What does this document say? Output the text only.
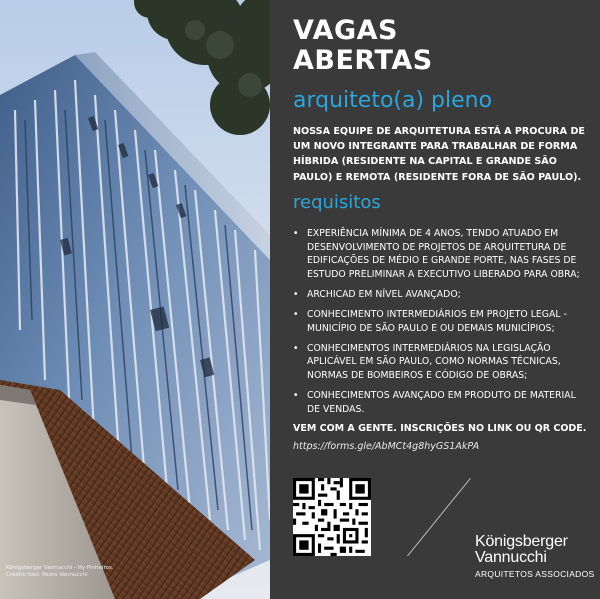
Königsberger Vannucchi - Hy Pinheiros.
Crédito foto: Pedro Vannucchi
VAGAS
ABERTAS
arquiteto(a) pleno
NOSSA EQUIPE DE ARQUITETURA ESTÁ A PROCURA DE UM NOVO INTEGRANTE PARA TRABALHAR DE FORMA HÍBRIDA (RESIDENTE NA CAPITAL E GRANDE SÃO PAULO) E REMOTA (RESIDENTE FORA DE SÃO PAULO).
requisitos
• EXPERIÊNCIA MÍNIMA DE 4 ANOS, TENDO ATUADO EM DESENVOLVIMENTO DE PROJETOS DE ARQUITETURA DE EDIFICAÇÕES DE MÉDIO E GRANDE PORTE, NAS FASES DE ESTUDO PRELIMINAR A EXECUTIVO LIBERADO PARA OBRA;
• ARCHICAD EM NÍVEL AVANÇADO;
• CONHECIMENTO INTERMEDIÁRIOS EM PROJETO LEGAL - MUNICÍPIO DE SÃO PAULO E OU DEMAIS MUNICÍPIOS;
• CONHECIMENTOS INTERMEDIÁRIOS NA LEGISLAÇÃO APLICÁVEL EM SÃO PAULO, COMO NORMAS TÉCNICAS, NORMAS DE BOMBEIROS E CÓDIGO DE OBRAS;
• CONHECIMENTOS AVANÇADO EM PRODUTO DE MATERIAL DE VENDAS.
VEM COM A GENTE. INSCRIÇÕES NO LINK OU QR CODE.
https://forms.gle/AbMCt4g8hyGS1AkPA
Königsberger
Vannucchi
ARQUITETOS ASSOCIADOS
